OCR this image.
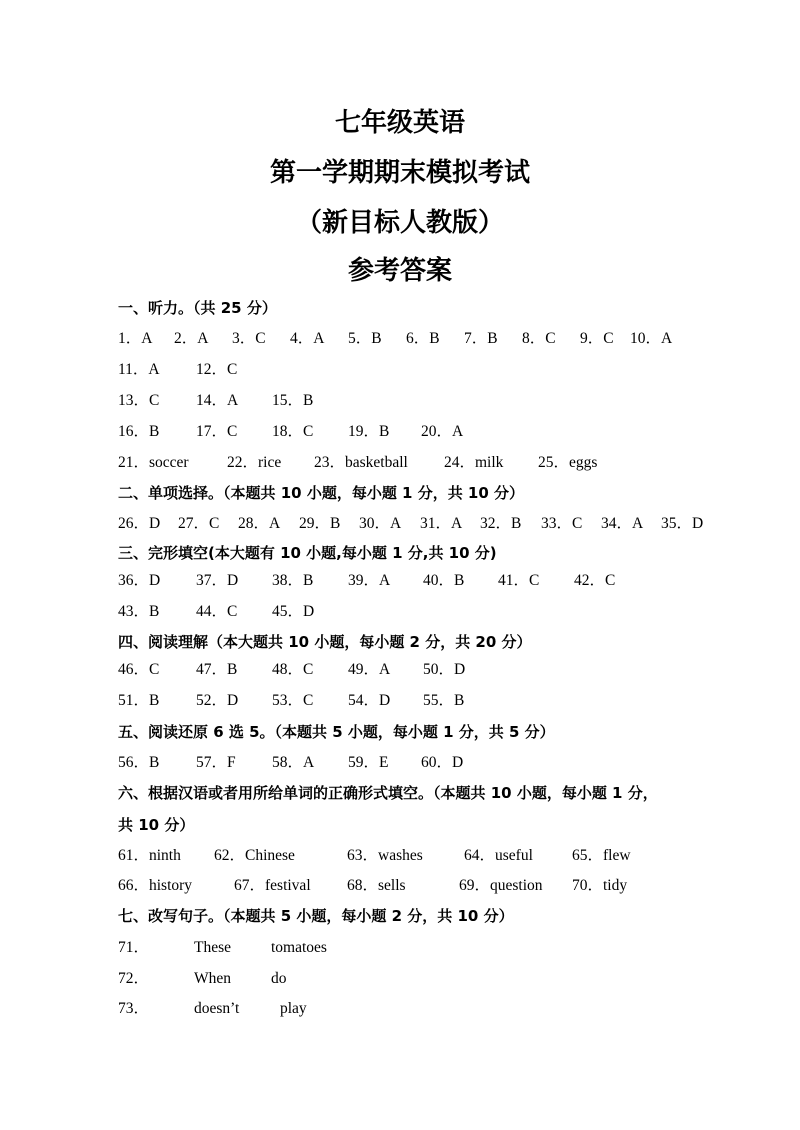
七年级英语
第一学期期末模拟考试
（新目标人教版）
参考答案
一、听力。（共 25 分）
1．A 2．A 3．C 4．A 5．B 6．B 7．B 8．C 9．C 10．A
11．A 12．C
13．C 14．A 15．B
16．B 17．C 18．C 19．B 20．A
21．soccer 22．rice 23．basketball 24．milk 25．eggs
二、单项选择。（本题共 10 小题，每小题 1 分，共 10 分）
26．D 27．C 28．A 29．B 30．A 31．A 32．B 33．C 34．A 35．D
三、完形填空(本大题有 10 小题,每小题 1 分,共 10 分)
36．D 37．D 38．B 39．A 40．B 41．C 42．C
43．B 44．C 45．D
四、阅读理解（本大题共 10 小题，每小题 2 分，共 20 分）
46．C 47．B 48．C 49．A 50．D
51．B 52．D 53．C 54．D 55．B
五、阅读还原 6 选 5。（本题共 5 小题，每小题 1 分，共 5 分）
56．B 57．F 58．A 59．E 60．D
六、根据汉语或者用所给单词的正确形式填空。（本题共 10 小题，每小题 1 分，
共 10 分）
61．ninth 62．Chinese	63．washes	64．useful	65．flew
66．history	67．festival 68．sells	69．question 70．tidy
七、改写句子。（本题共 5 小题，每小题 2 分，共 10 分）
71．	These	tomatoes
72．	When	do
73．	doesn’t	play
